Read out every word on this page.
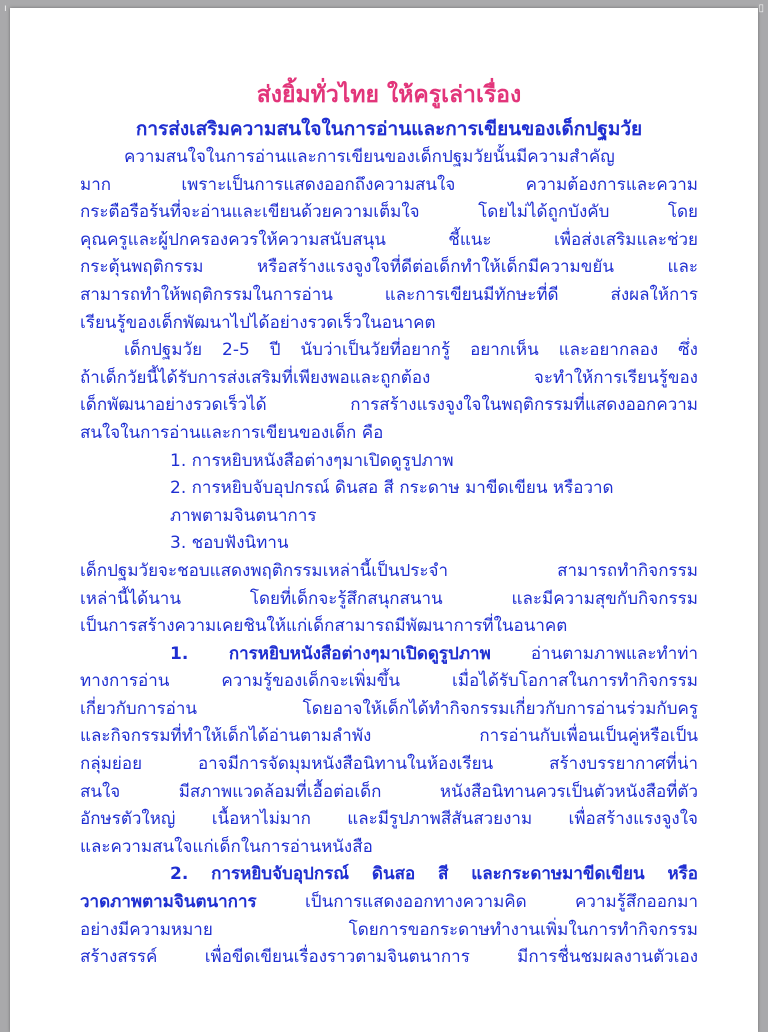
ı	▯
ส่งยิ้มทั่วไทย ให้ครูเล่าเรื่อง
การส่งเสริมความสนใจในการอ่านและการเขียนของเด็กปฐมวัย
ความสนใจในการอ่านและการเขียนของเด็กปฐมวัยนั้นมีความสำคัญ
มาก เพราะเป็นการแสดงออกถึงความสนใจ ความต้องการและความ
กระตือรือร้นที่จะอ่านและเขียนด้วยความเต็มใจ โดยไม่ได้ถูกบังคับ โดย
คุณครูและผู้ปกครองควรให้ความสนับสนุน ชี้แนะ เพื่อส่งเสริมและช่วย
กระตุ้นพฤติกรรม หรือสร้างแรงจูงใจที่ดีต่อเด็กทำให้เด็กมีความขยัน และ
สามารถทำให้พฤติกรรมในการอ่าน และการเขียนมีทักษะที่ดี ส่งผลให้การ
เรียนรู้ของเด็กพัฒนาไปได้อย่างรวดเร็วในอนาคต
เด็กปฐมวัย 2-5 ปี นับว่าเป็นวัยที่อยากรู้ อยากเห็น และอยากลอง ซึ่ง
ถ้าเด็กวัยนี้ได้รับการส่งเสริมที่เพียงพอและถูกต้อง จะทำให้การเรียนรู้ของ
เด็กพัฒนาอย่างรวดเร็วได้ การสร้างแรงจูงใจในพฤติกรรมที่แสดงออกความ
สนใจในการอ่านและการเขียนของเด็ก คือ
1. การหยิบหนังสือต่างๆมาเปิดดูรูปภาพ
2. การหยิบจับอุปกรณ์ ดินสอ สี กระดาษ มาขีดเขียน หรือวาด
ภาพตามจินตนาการ
3. ชอบฟังนิทาน
เด็กปฐมวัยจะชอบแสดงพฤติกรรมเหล่านี้เป็นประจำ สามารถทำกิจกรรม
เหล่านี้ได้นาน โดยที่เด็กจะรู้สึกสนุกสนาน และมีความสุขกับกิจกรรม
เป็นการสร้างความเคยชินให้แก่เด็กสามารถมีพัฒนาการที่ในอนาคต
1. การหยิบหนังสือต่างๆมาเปิดดูรูปภาพ อ่านตามภาพและทำท่า
ทางการอ่าน ความรู้ของเด็กจะเพิ่มขึ้น เมื่อได้รับโอกาสในการทำกิจกรรม
เกี่ยวกับการอ่าน โดยอาจให้เด็กได้ทำกิจกรรมเกี่ยวกับการอ่านร่วมกับครู
และกิจกรรมที่ทำให้เด็กได้อ่านตามลำพัง การอ่านกับเพื่อนเป็นคู่หรือเป็น
กลุ่มย่อย อาจมีการจัดมุมหนังสือนิทานในห้องเรียน สร้างบรรยากาศที่น่า
สนใจ มีสภาพแวดล้อมที่เอื้อต่อเด็ก หนังสือนิทานควรเป็นตัวหนังสือที่ตัว
อักษรตัวใหญ่ เนื้อหาไม่มาก และมีรูปภาพสีสันสวยงาม เพื่อสร้างแรงจูงใจ
และความสนใจแก่เด็กในการอ่านหนังสือ
2. การหยิบจับอุปกรณ์ ดินสอ สี และกระดาษมาขีดเขียน หรือ
วาดภาพตามจินตนาการ เป็นการแสดงออกทางความคิด ความรู้สึกออกมา
อย่างมีความหมาย โดยการขอกระดาษทำงานเพิ่มในการทำกิจกรรม
สร้างสรรค์ เพื่อขีดเขียนเรื่องราวตามจินตนาการ มีการชื่นชมผลงานตัวเอง
